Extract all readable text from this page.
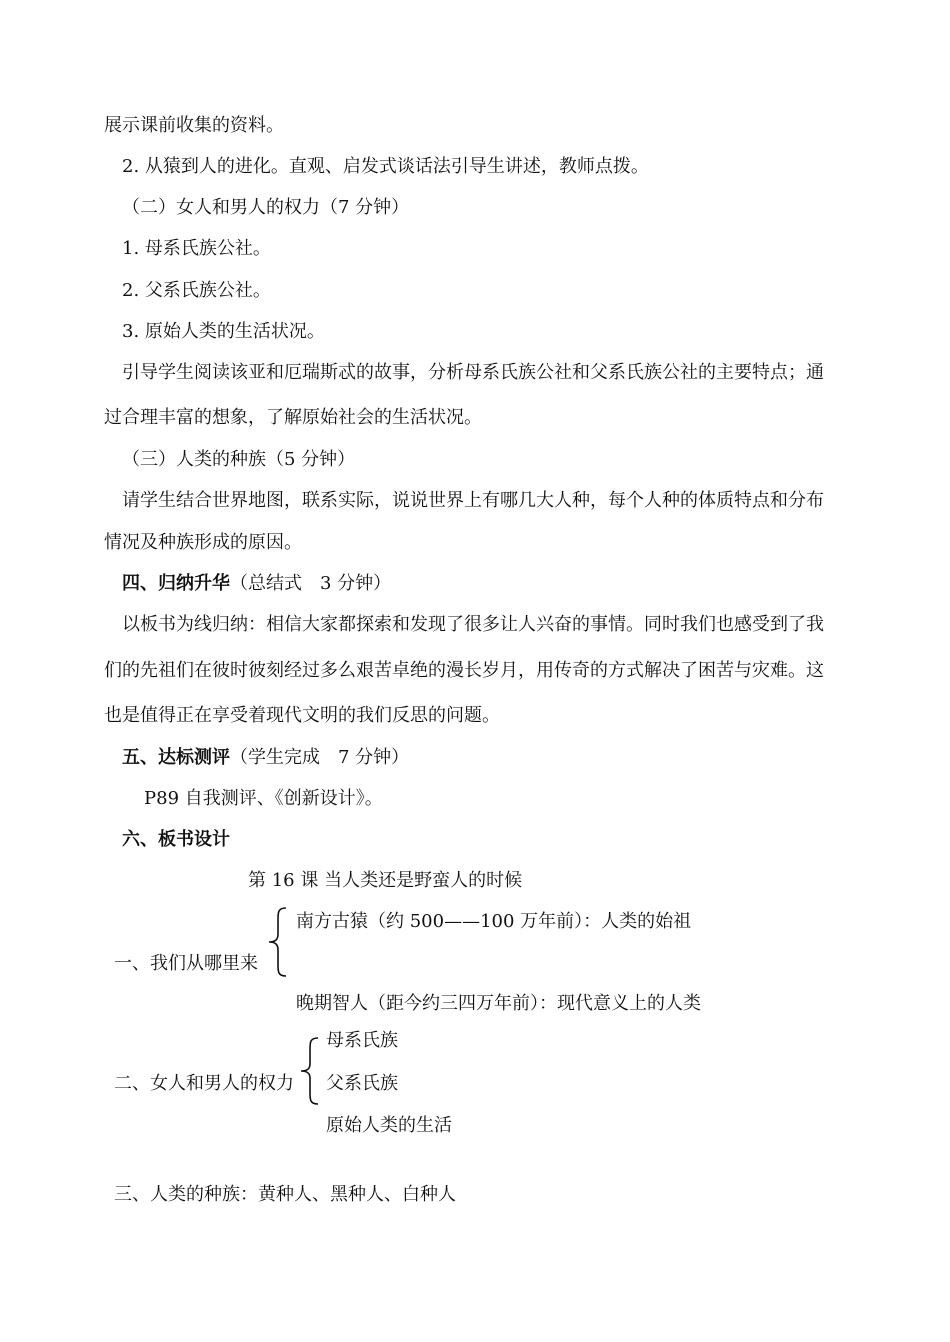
展示课前收集的资料。
2. 从猿到人的进化。直观、启发式谈话法引导生讲述，教师点拨。
（二）女人和男人的权力（7 分钟）
1. 母系氏族公社。
2. 父系氏族公社。
3. 原始人类的生活状况。
引导学生阅读该亚和厄瑞斯忒的故事，分析母系氏族公社和父系氏族公社的主要特点；通
过合理丰富的想象，了解原始社会的生活状况。
（三）人类的种族（5 分钟）
请学生结合世界地图，联系实际，说说世界上有哪几大人种，每个人种的体质特点和分布
情况及种族形成的原因。
四、归纳升华（总结式　3 分钟）
以板书为线归纳：相信大家都探索和发现了很多让人兴奋的事情。同时我们也感受到了我
们的先祖们在彼时彼刻经过多么艰苦卓绝的漫长岁月，用传奇的方式解决了困苦与灾难。这
也是值得正在享受着现代文明的我们反思的问题。
五、达标测评（学生完成　7 分钟）
P89 自我测评、《创新设计》。
六、板书设计
第 16 课 当人类还是野蛮人的时候
南方古猿（约 500——100 万年前）：人类的始祖
一、我们从哪里来
晚期智人（距今约三四万年前）：现代意义上的人类
母系氏族
二、女人和男人的权力 父系氏族
原始人类的生活
三、人类的种族：黄种人、黑种人、白种人
